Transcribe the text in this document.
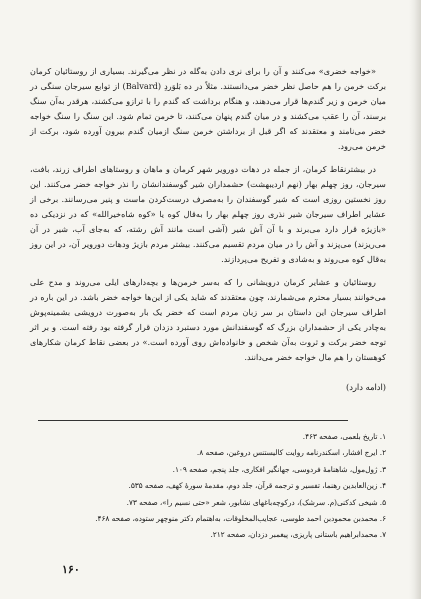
«خواجه خضری» می‌کنند و آن را برای نری دادن به‌گله در نظر می‌گیرند. بسیاری از روستائیان کرمان برکت خرمن را هم حاصل نظر خضر می‌دانستند. مثلاً در ده بَلوَردِ (Balvard) از توابع سیرجان سنگی در میان خرمن و زیر گندم‌ها قرار می‌دهند، و هنگام برداشت که گندم را با ترازو می‌کشند، هرقدر به‌آن سنگ برسند، آن را عقب می‌کشند و در میان گندم پنهان می‌کنند، تا خرمن تمام شود. این سنگ را سنگ خواجه خضر می‌نامند و معتقدند که اگر قبل از برداشتن خرمن سنگ ازمیان گندم بیرون آورده شود، برکت از خرمن می‌رود.

در بیشترنقاط کرمان، از جمله در دهات دورویر شهر کرمان و ماهان و روستاهای اطراف زرند، بافت، سیرجان، روز چهلم بهار (نهم اردیبهشت) حشمداران شیر گوسفندانشان را نذر خواجه خضر می‌کنند. این روز نخستین روزی است که شیر گوسفندان را به‌مصرف درست‌کردن ماست و پنیر می‌رسانند. برخی از عشایر اطراف سیرجان شیر نذری روز چهلم بهار را به‌قال کوه یا «کوه شاه‌خیرالله» که در نزدیکی ده «بازیژه قرار دارد می‌برند و با آن آش شیر (آشی است مانند آش رشته، که به‌جای آب، شیر در آن می‌ریزند) می‌پزند و آش را در میان مردم تقسیم می‌کنند. بیشتر مردم بازیژ ودهات دورویر آن، در این روز به‌قال کوه می‌روند و به‌شادی و تفریح می‌پردازند.

روستائیان و عشایر کرمان درویشانی را که به‌سر خرمن‌ها و بچه‌دارهای ایلی می‌روند و مدح علی می‌خوانند بسیار محترم می‌شمارند، چون معتقدند که شاید یکی از این‌ها خواجه خضر باشد. در این باره در اطراف سیرجان این داستان بر سر زبان مردم است که خضر یک بار به‌صورت درویشی بشمینه‌پوش به‌چادر یکی از حشمداران بزرگ که گوسفندانش مورد دستبرد دزدان قرار گرفته بود رفته است. و بر اثر توجه خضر برکت و ثروت به‌آن شخص و خانواده‌اش روی آورده است.» در بعضی نقاط کرمان شکارهای کوهستان را هم مال خواجه خضر می‌دانند.

(ادامه دارد)
۱. تاریخ بلعمی، صفحه ۴۶۳.
۲. ایرج افشار، اسکندرنامه روایت کالیستنس دروغین، صفحه ۸.
۳. ژول‌مول، شاهنامهٔ فردوسی، جهانگیر افکاری، جلد پنجم، صفحه ۱۰۹.
۴. زین‌العابدین رهنما، تفسیر و ترجمه قرآن، جلد دوم، مقدمهٔ سورهٔ کهف، صفحه ۵۳۵.
۵. شیخی کدکنی(م. سرشک)، درکوچه‌باغهای نشابور، شعر «حتی نسیم را»، صفحه ۷۳.
۶. محمدبن محمودبن احمد طوسی، عجایب‌المخلوقات، به‌اهتمام دکتر منوچهر ستوده، صفحه ۴۶۸.
۷. محمدابراهیم باستانی پاریزی، پیغمبر دزدان، صفحه ۲۱۲.
۱۶۰
